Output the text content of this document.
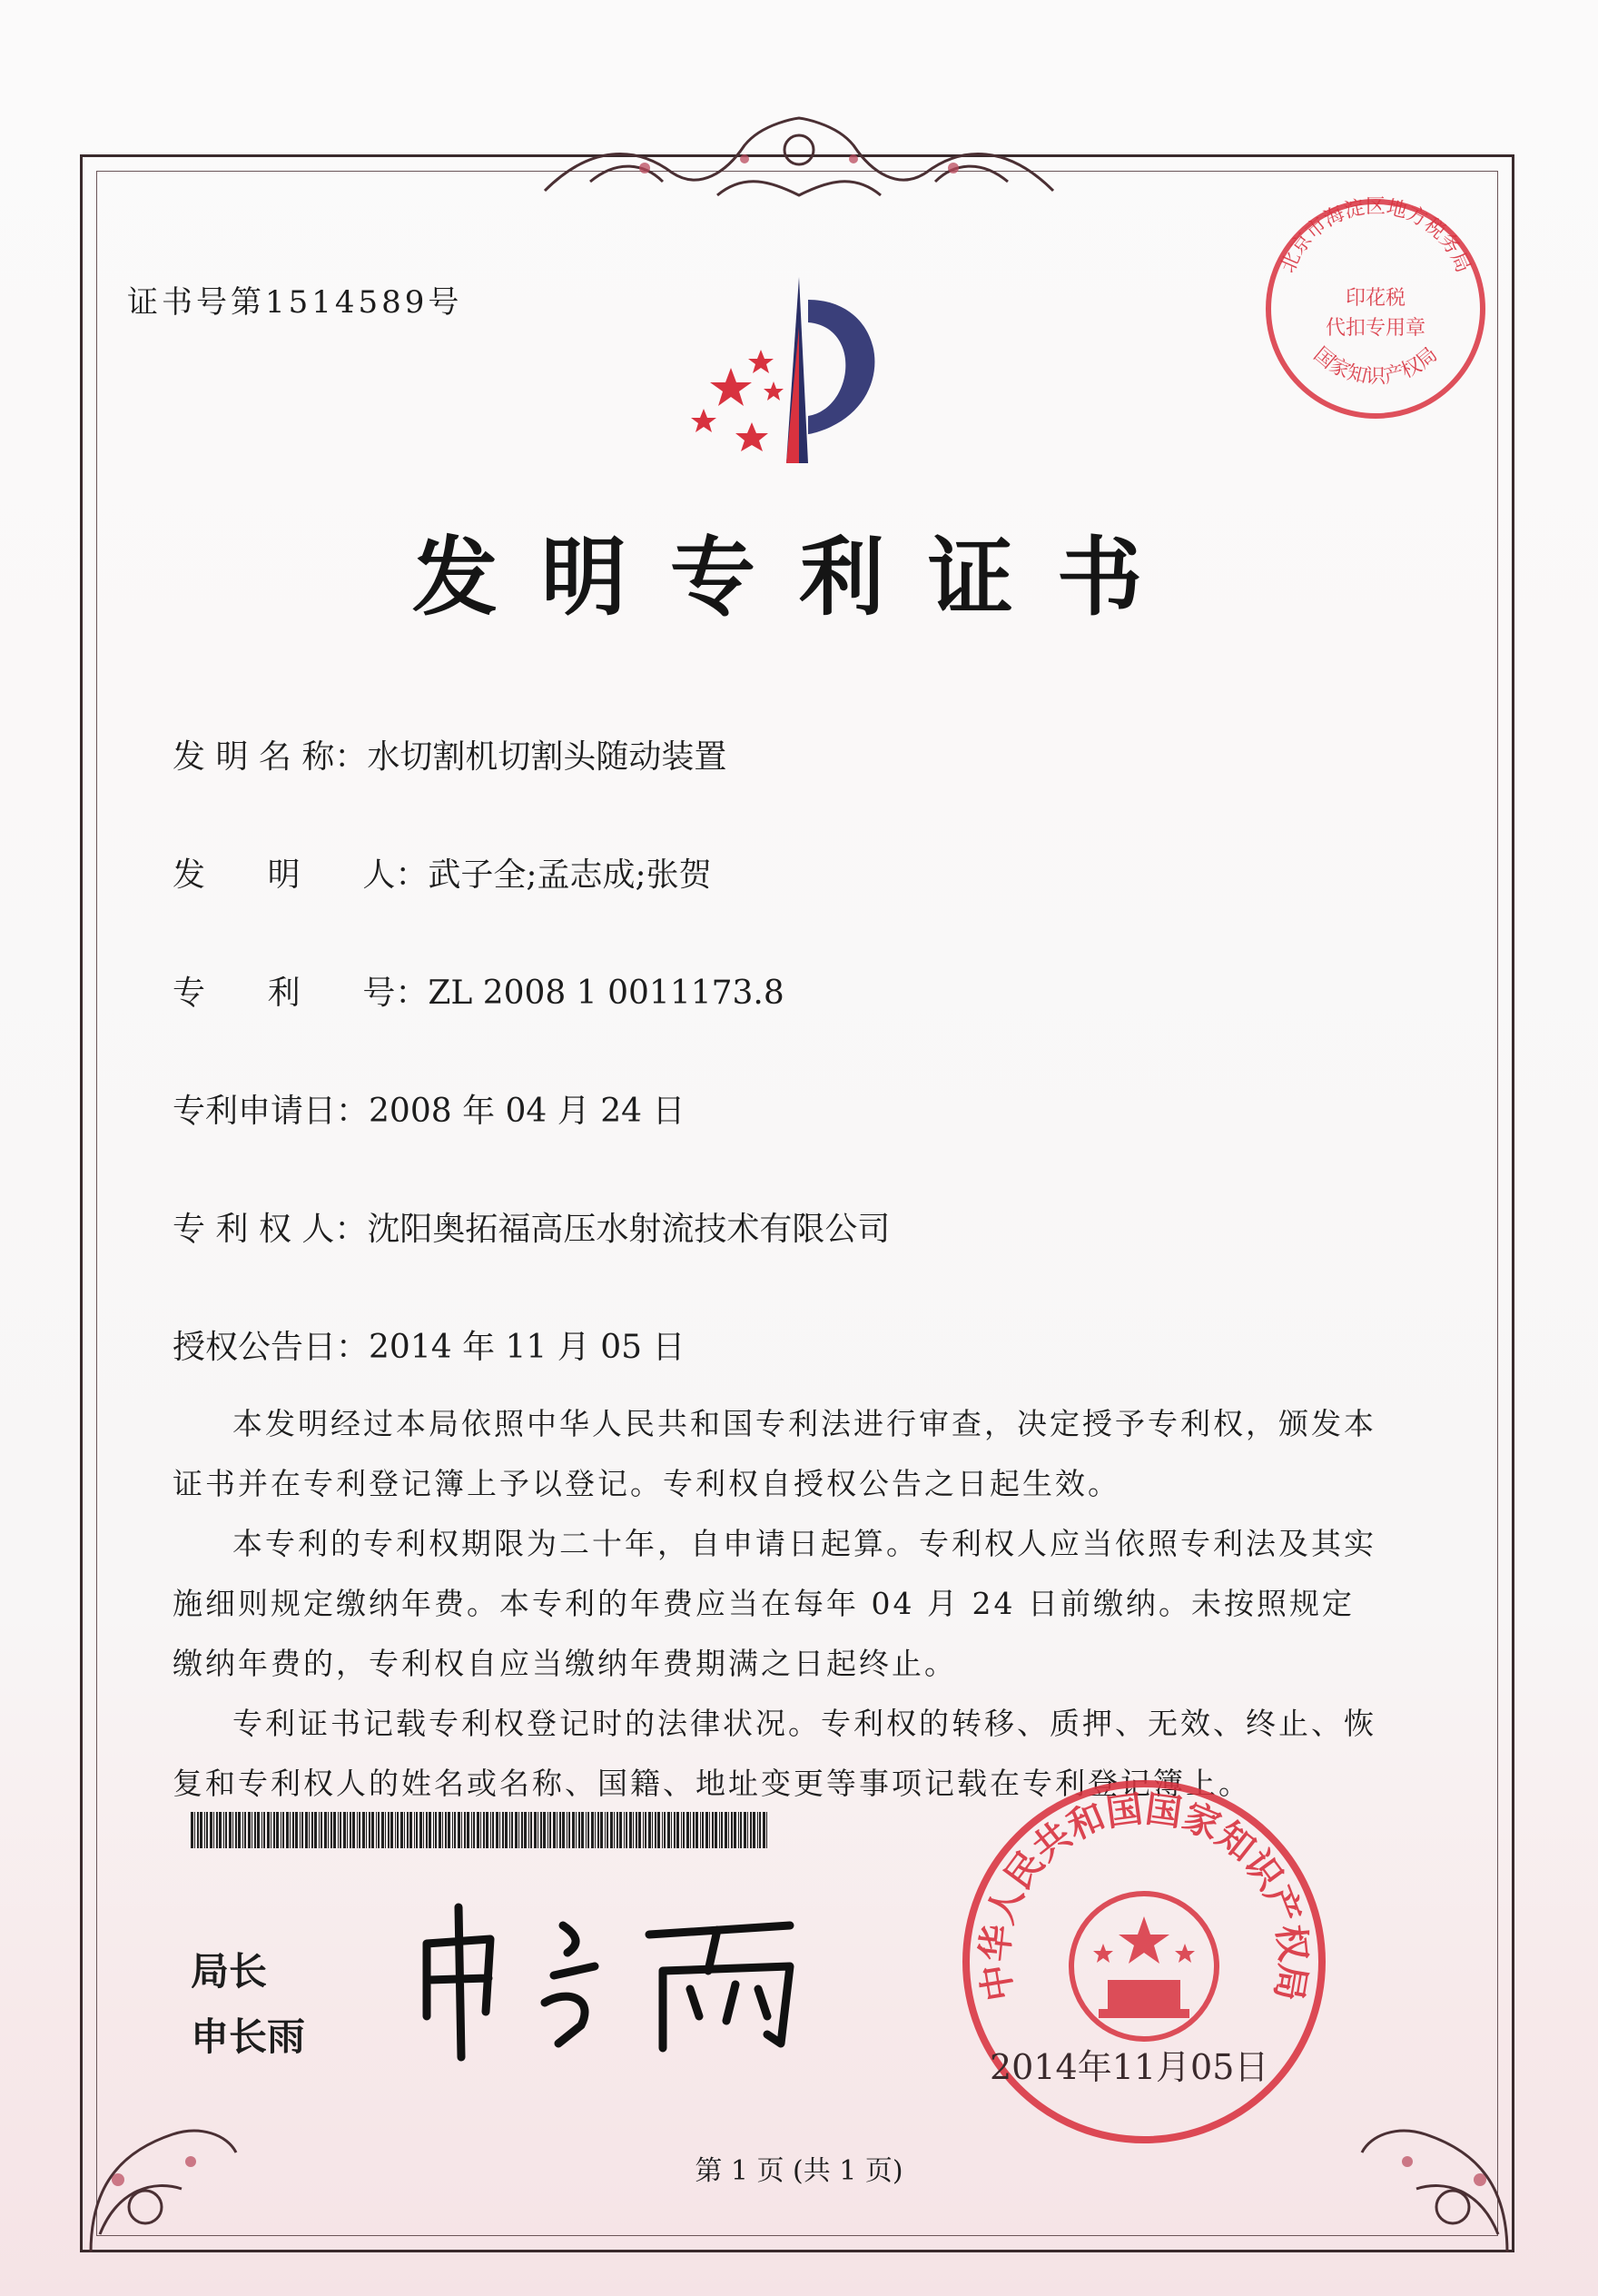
证书号第1514589号
北京市海淀区地方税务局
印花税
代扣专用章
国家知识产权局
发明专利证书
发 明 名 称：水切割机切割头随动装置
发      明      人：武子全;孟志成;张贺
专      利      号：ZL 2008 1 0011173.8
专利申请日：2008 年 04 月 24 日
专 利 权 人：沈阳奥拓福高压水射流技术有限公司
授权公告日：2014 年 11 月 05 日

本发明经过本局依照中华人民共和国专利法进行审查，决定授予专利权，颁发本证书并在专利登记簿上予以登记。专利权自授权公告之日起生效。

本专利的专利权期限为二十年，自申请日起算。专利权人应当依照专利法及其实施细则规定缴纳年费。本专利的年费应当在每年 04 月 24 日前缴纳。未按照规定缴纳年费的，专利权自应当缴纳年费期满之日起终止。

专利证书记载专利权登记时的法律状况。专利权的转移、质押、无效、终止、恢复和专利权人的姓名或名称、国籍、地址变更等事项记载在专利登记簿上。

局长
申长雨
中华人民共和国国家知识产权局
2014年11月05日
第 1 页 (共 1 页)
